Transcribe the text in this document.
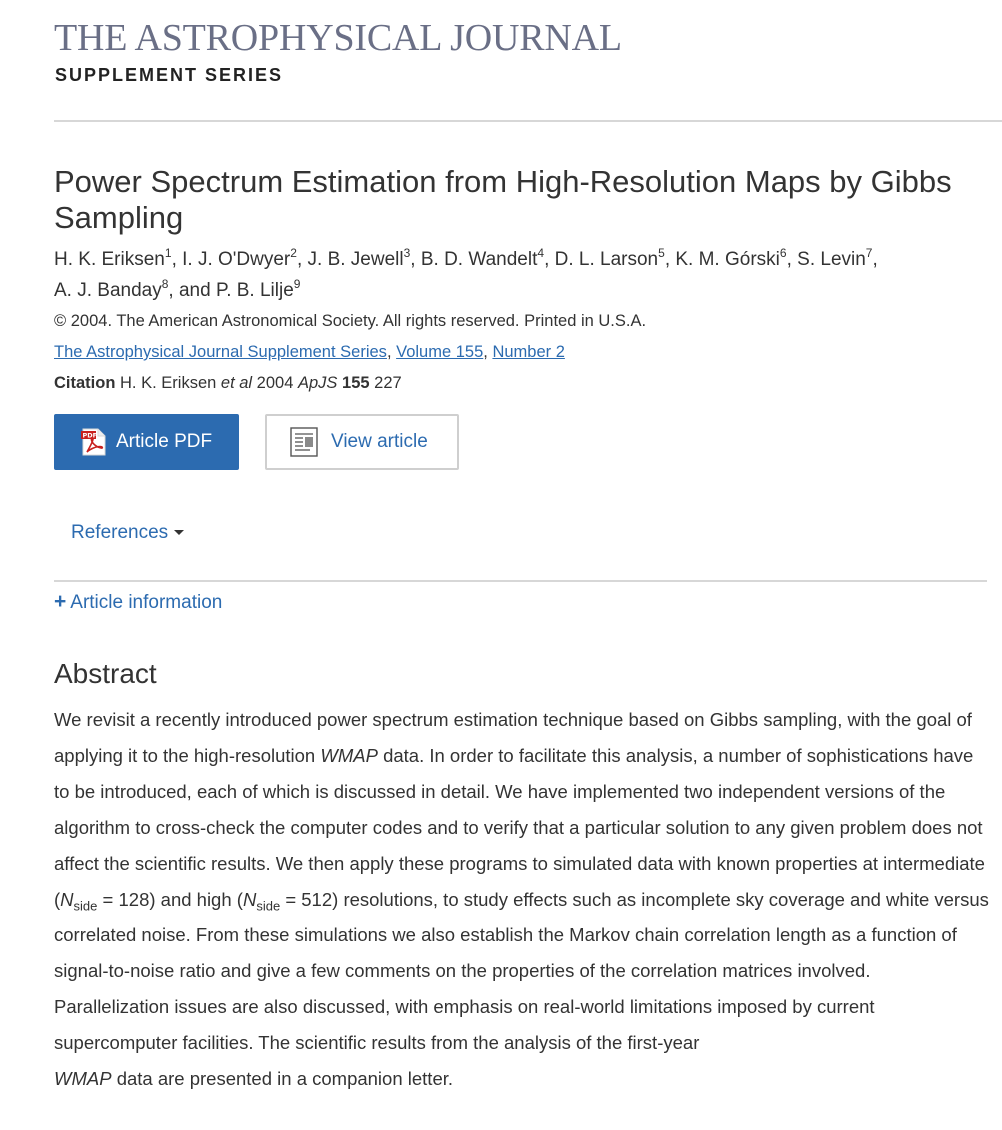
THE ASTROPHYSICAL JOURNAL
SUPPLEMENT SERIES
Power Spectrum Estimation from High-Resolution Maps by Gibbs Sampling
H. K. Eriksen$^1$, I. J. O'Dwyer$^2$, J. B. Jewell$^3$, B. D. Wandelt$^4$, D. L. Larson$^5$, K. M. Górski$^6$, S. Levin$^7$,
A. J. Banday$^8$, and P. B. Lilje$^9$
© 2004. The American Astronomical Society. All rights reserved. Printed in U.S.A.
The Astrophysical Journal Supplement Series, Volume 155, Number 2
Citation H. K. Eriksen et al 2004 ApJS 155 227
PDF Article PDF	View article
References
+ Article information
Abstract

We revisit a recently introduced power spectrum estimation technique based on Gibbs sampling, with the goal of applying it to the high-resolution WMAP data. In order to facilitate this analysis, a number of sophistications have to be introduced, each of which is discussed in detail. We have implemented two independent versions of the algorithm to cross-check the computer codes and to verify that a particular solution to any given problem does not affect the scientific results. We then apply these programs to simulated data with known properties at intermediate $(N_{side} = 128)$ and high $(N_{side} = 512)$ resolutions, to study effects such as incomplete sky coverage and white versus correlated noise. From these simulations we also establish the Markov chain correlation length as a function of signal-to-noise ratio and give a few comments on the properties of the correlation matrices involved. Parallelization issues are also discussed, with emphasis on real-world limitations imposed by current supercomputer facilities. The scientific results from the analysis of the first-year
WMAP data are presented in a companion letter.
